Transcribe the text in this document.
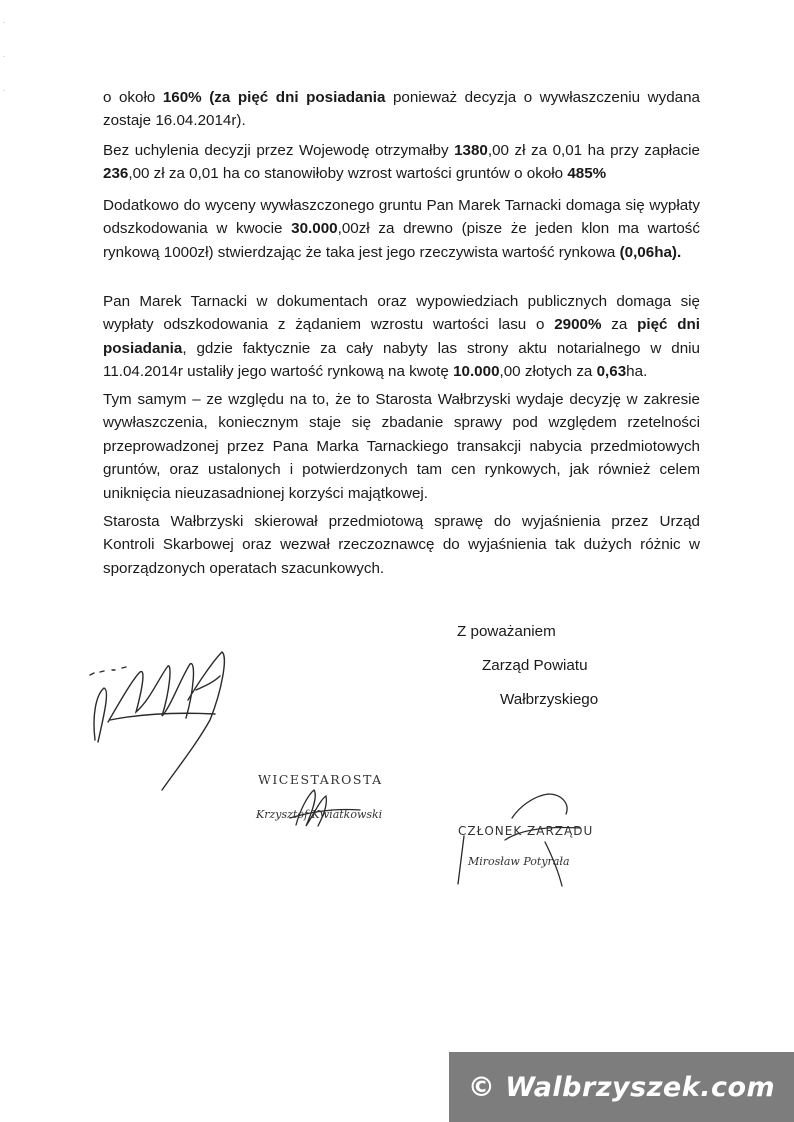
o około 160% (za pięć dni posiadania ponieważ decyzja o wywłaszczeniu wydana zostaje 16.04.2014r).

Bez uchylenia decyzji przez Wojewodę otrzymałby 1380,00 zł za 0,01 ha przy zapłacie 236,00 zł za 0,01 ha co stanowiłoby wzrost wartości gruntów o około 485%

Dodatkowo do wyceny wywłaszczonego gruntu Pan Marek Tarnacki domaga się wypłaty odszkodowania w kwocie 30.000,00zł za drewno (pisze że jeden klon ma wartość rynkową 1000zł) stwierdzając że taka jest jego rzeczywista wartość rynkowa (0,06ha).

Pan Marek Tarnacki w dokumentach oraz wypowiedziach publicznych domaga się wypłaty odszkodowania z żądaniem wzrostu wartości lasu o 2900% za pięć dni posiadania, gdzie faktycznie za cały nabyty las strony aktu notarialnego w dniu 11.04.2014r ustaliły jego wartość rynkową na kwotę 10.000,00 złotych za 0,63ha.

Tym samym – ze względu na to, że to Starosta Wałbrzyski wydaje decyzję w zakresie wywłaszczenia, koniecznym staje się zbadanie sprawy pod względem rzetelności przeprowadzonej przez Pana Marka Tarnackiego transakcji nabycia przedmiotowych gruntów, oraz ustalonych i potwierdzonych tam cen rynkowych, jak również celem uniknięcia nieuzasadnionej korzyści majątkowej.

Starosta Wałbrzyski skierował przedmiotową sprawę do wyjaśnienia przez Urząd Kontroli Skarbowej oraz wezwał rzeczoznawcę do wyjaśnienia tak dużych różnic w sporządzonych operatach szacunkowych.

Z poważaniem
Zarząd Powiatu
Wałbrzyskiego
WICESTAROSTA
Krzysztof Kwiatkowski
CZŁONEK ZARZĄDU
Mirosław Potyrała
.
.
.
© Walbrzyszek.com
